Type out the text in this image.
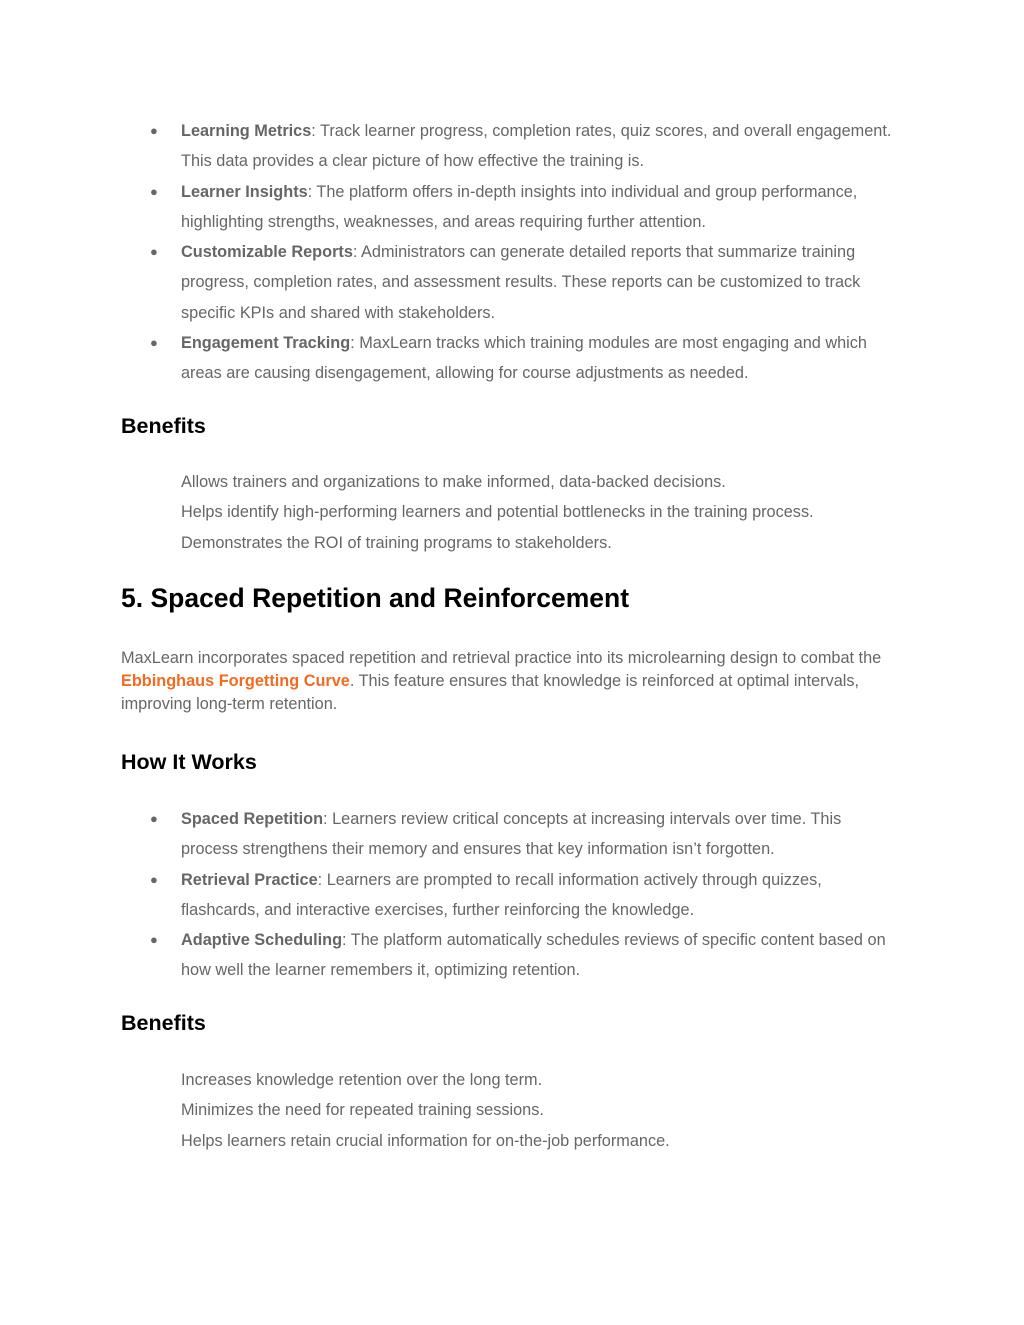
● Learning Metrics: Track learner progress, completion rates, quiz scores, and overall engagement. This data provides a clear picture of how effective the training is.
● Learner Insights: The platform offers in-depth insights into individual and group performance, highlighting strengths, weaknesses, and areas requiring further attention.
● Customizable Reports: Administrators can generate detailed reports that summarize training progress, completion rates, and assessment results. These reports can be customized to track specific KPIs and shared with stakeholders.
● Engagement Tracking: MaxLearn tracks which training modules are most engaging and which areas are causing disengagement, allowing for course adjustments as needed.
Benefits
Allows trainers and organizations to make informed, data-backed decisions.
Helps identify high-performing learners and potential bottlenecks in the training process.
Demonstrates the ROI of training programs to stakeholders.
5. Spaced Repetition and Reinforcement

MaxLearn incorporates spaced repetition and retrieval practice into its microlearning design to combat the Ebbinghaus Forgetting Curve. This feature ensures that knowledge is reinforced at optimal intervals, improving long-term retention.

How It Works
● Spaced Repetition: Learners review critical concepts at increasing intervals over time. This process strengthens their memory and ensures that key information isn’t forgotten.
● Retrieval Practice: Learners are prompted to recall information actively through quizzes, flashcards, and interactive exercises, further reinforcing the knowledge.
● Adaptive Scheduling: The platform automatically schedules reviews of specific content based on how well the learner remembers it, optimizing retention.
Benefits
Increases knowledge retention over the long term.
Minimizes the need for repeated training sessions.
Helps learners retain crucial information for on-the-job performance.
